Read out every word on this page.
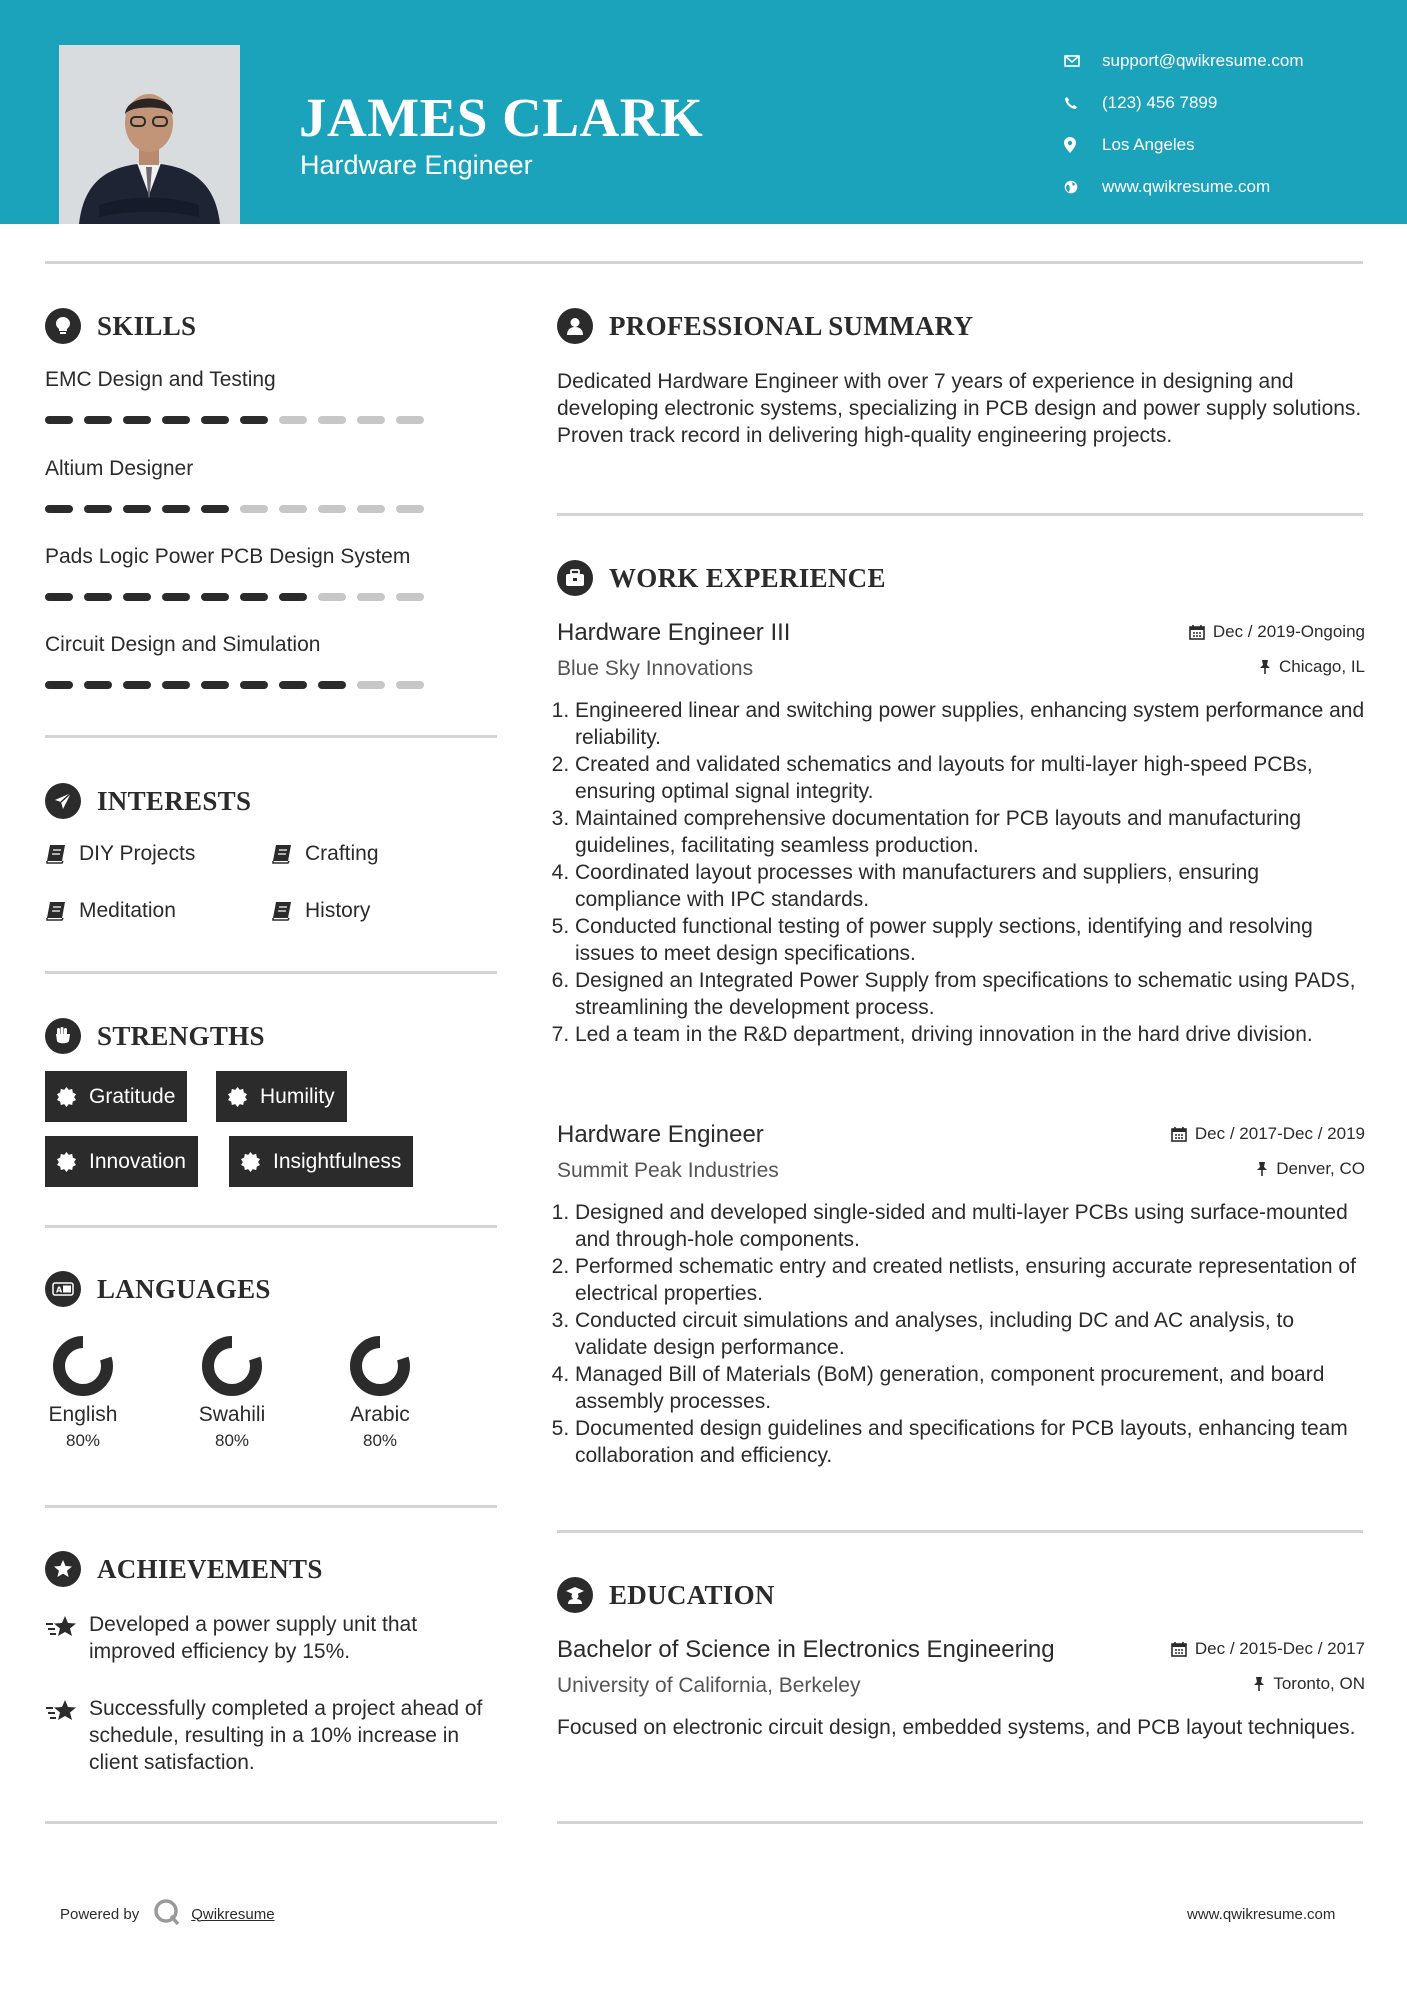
JAMES CLARK
Hardware Engineer
support@qwikresume.com
(123) 456 7899
Los Angeles
www.qwikresume.com
SKILLS
EMC Design and Testing
Altium Designer
Pads Logic Power PCB Design System
Circuit Design and Simulation
INTERESTS
DIY Projects	Crafting
Meditation	History
STRENGTHS
Gratitude	Humility
Innovation	Insightfulness
A LANGUAGES
English
80%
Swahili
80%
Arabic
80%
ACHIEVEMENTS
Developed a power supply unit that improved efficiency by 15%.
Successfully completed a project ahead of schedule, resulting in a 10% increase in client satisfaction.
PROFESSIONAL SUMMARY
Dedicated Hardware Engineer with over 7 years of experience in designing and developing electronic systems, specializing in PCB design and power supply solutions. Proven track record in delivering high-quality engineering projects.
WORK EXPERIENCE
Hardware Engineer III	Dec / 2019-Ongoing
Blue Sky Innovations	Chicago, IL
1. Engineered linear and switching power supplies, enhancing system performance and reliability.
2. Created and validated schematics and layouts for multi-layer high-speed PCBs, ensuring optimal signal integrity.
3. Maintained comprehensive documentation for PCB layouts and manufacturing guidelines, facilitating seamless production.
4. Coordinated layout processes with manufacturers and suppliers, ensuring compliance with IPC standards.
5. Conducted functional testing of power supply sections, identifying and resolving issues to meet design specifications.
6. Designed an Integrated Power Supply from specifications to schematic using PADS, streamlining the development process.
7. Led a team in the R&D department, driving innovation in the hard drive division.
Hardware Engineer	Dec / 2017-Dec / 2019
Summit Peak Industries	Denver, CO
1. Designed and developed single-sided and multi-layer PCBs using surface-mounted and through-hole components.
2. Performed schematic entry and created netlists, ensuring accurate representation of electrical properties.
3. Conducted circuit simulations and analyses, including DC and AC analysis, to validate design performance.
4. Managed Bill of Materials (BoM) generation, component procurement, and board assembly processes.
5. Documented design guidelines and specifications for PCB layouts, enhancing team collaboration and efficiency.
EDUCATION
Bachelor of Science in Electronics Engineering	Dec / 2015-Dec / 2017
University of California, Berkeley	Toronto, ON
Focused on electronic circuit design, embedded systems, and PCB layout techniques.
Powered by	Qwikresume	www.qwikresume.com
